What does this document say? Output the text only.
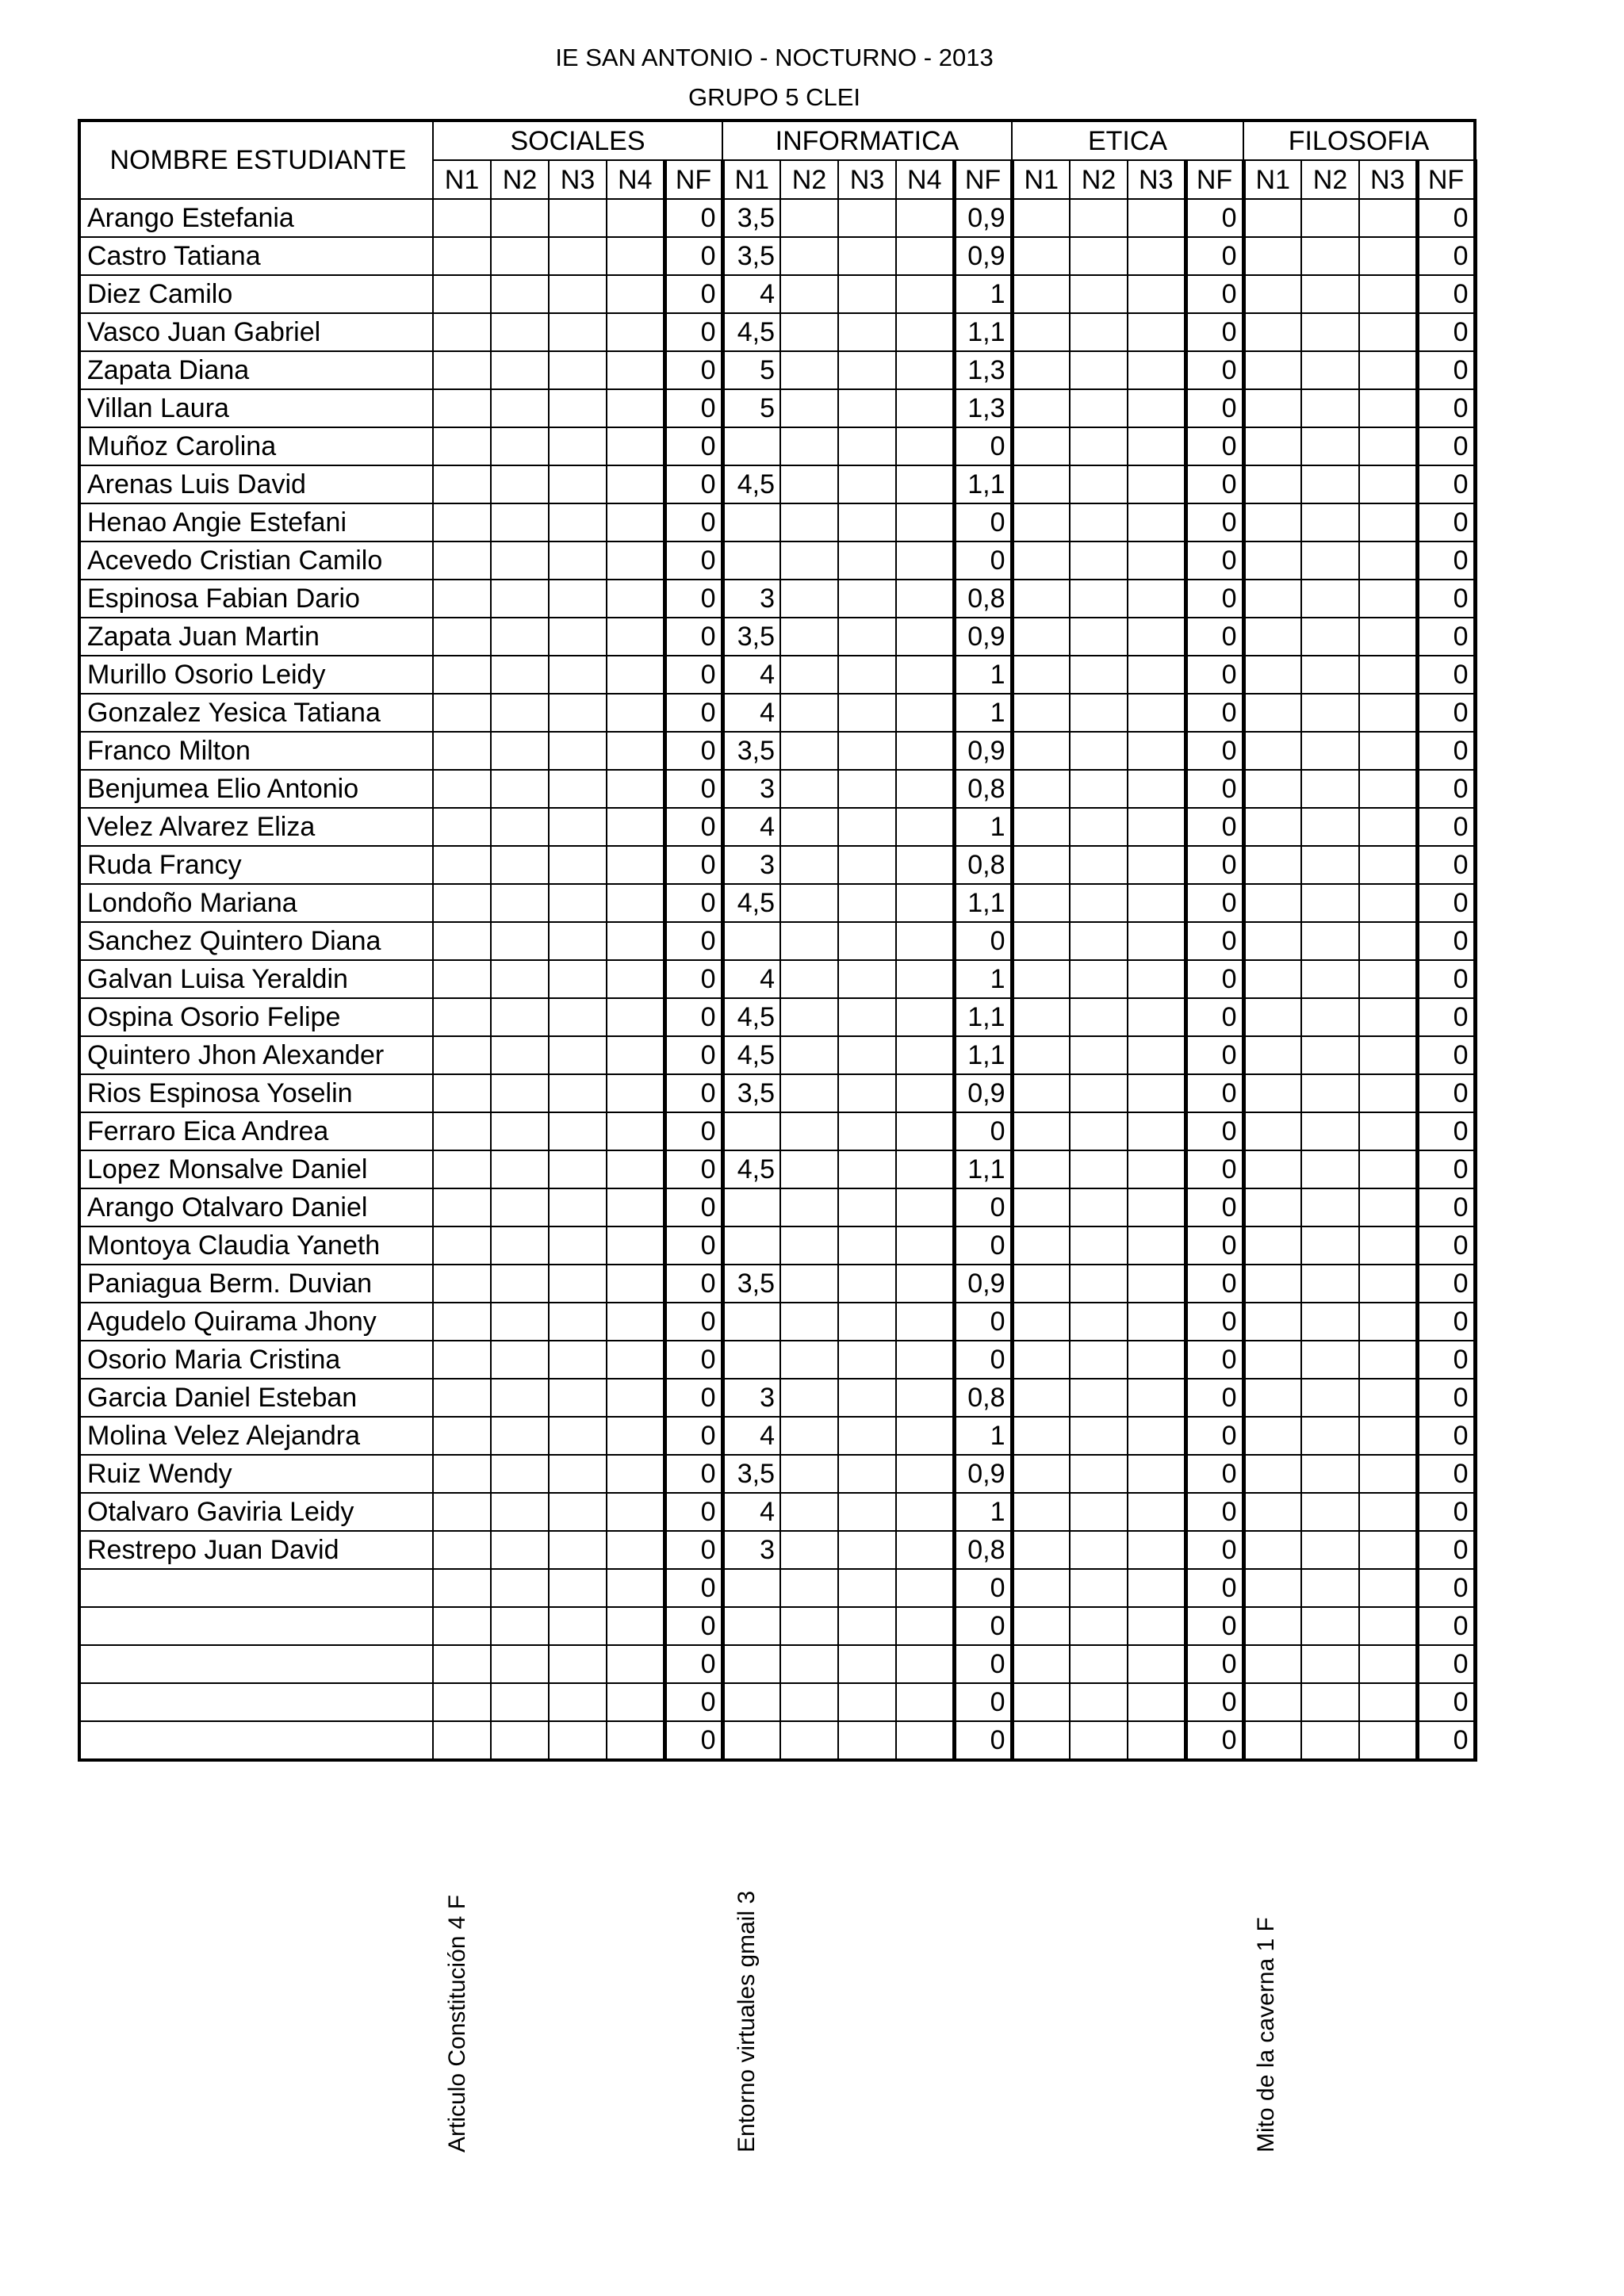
IE SAN ANTONIO - NOCTURNO - 2013
GRUPO 5 CLEI
NOMBRE ESTUDIANTE	SOCIALES					INFORMATICA					ETICA				FILOSOFIA			
	N1	N2	N3	N4	NF	N1	N2	N3	N4	NF	N1	N2	N3	NF	N1	N2	N3	NF
Arango Estefania					0	3,5				0,9				0				0
Castro Tatiana					0	3,5				0,9				0				0
Diez Camilo					0	4				1				0				0
Vasco Juan Gabriel					0	4,5				1,1				0				0
Zapata Diana					0	5				1,3				0				0
Villan Laura					0	5				1,3				0				0
Muñoz Carolina					0					0				0				0
Arenas Luis David					0	4,5				1,1				0				0
Henao Angie Estefani					0					0				0				0
Acevedo Cristian Camilo					0					0				0				0
Espinosa Fabian Dario					0	3				0,8				0				0
Zapata Juan Martin					0	3,5				0,9				0				0
Murillo Osorio Leidy					0	4				1				0				0
Gonzalez Yesica Tatiana					0	4				1				0				0
Franco Milton					0	3,5				0,9				0				0
Benjumea Elio Antonio					0	3				0,8				0				0
Velez Alvarez Eliza					0	4				1				0				0
Ruda Francy					0	3				0,8				0				0
Londoño Mariana					0	4,5				1,1				0				0
Sanchez Quintero Diana					0					0				0				0
Galvan Luisa Yeraldin					0	4				1				0				0
Ospina Osorio Felipe					0	4,5				1,1				0				0
Quintero Jhon Alexander					0	4,5				1,1				0				0
Rios Espinosa Yoselin					0	3,5				0,9				0				0
Ferraro Eica Andrea					0					0				0				0
Lopez Monsalve Daniel					0	4,5				1,1				0				0
Arango Otalvaro Daniel					0					0				0				0
Montoya Claudia Yaneth					0					0				0				0
Paniagua Berm. Duvian					0	3,5				0,9				0				0
Agudelo Quirama Jhony					0					0				0				0
Osorio Maria Cristina					0					0				0				0
Garcia Daniel Esteban					0	3				0,8				0				0
Molina Velez Alejandra					0	4				1				0				0
Ruiz Wendy					0	3,5				0,9				0				0
Otalvaro Gaviria Leidy					0	4				1				0				0
Restrepo Juan David					0	3				0,8				0				0
					0					0				0				0
					0					0				0				0
					0					0				0				0
					0					0				0				0
					0					0				0				0
Articulo Constitución 4 F	Entorno virtuales gmail 3	Mito de la caverna 1 F
